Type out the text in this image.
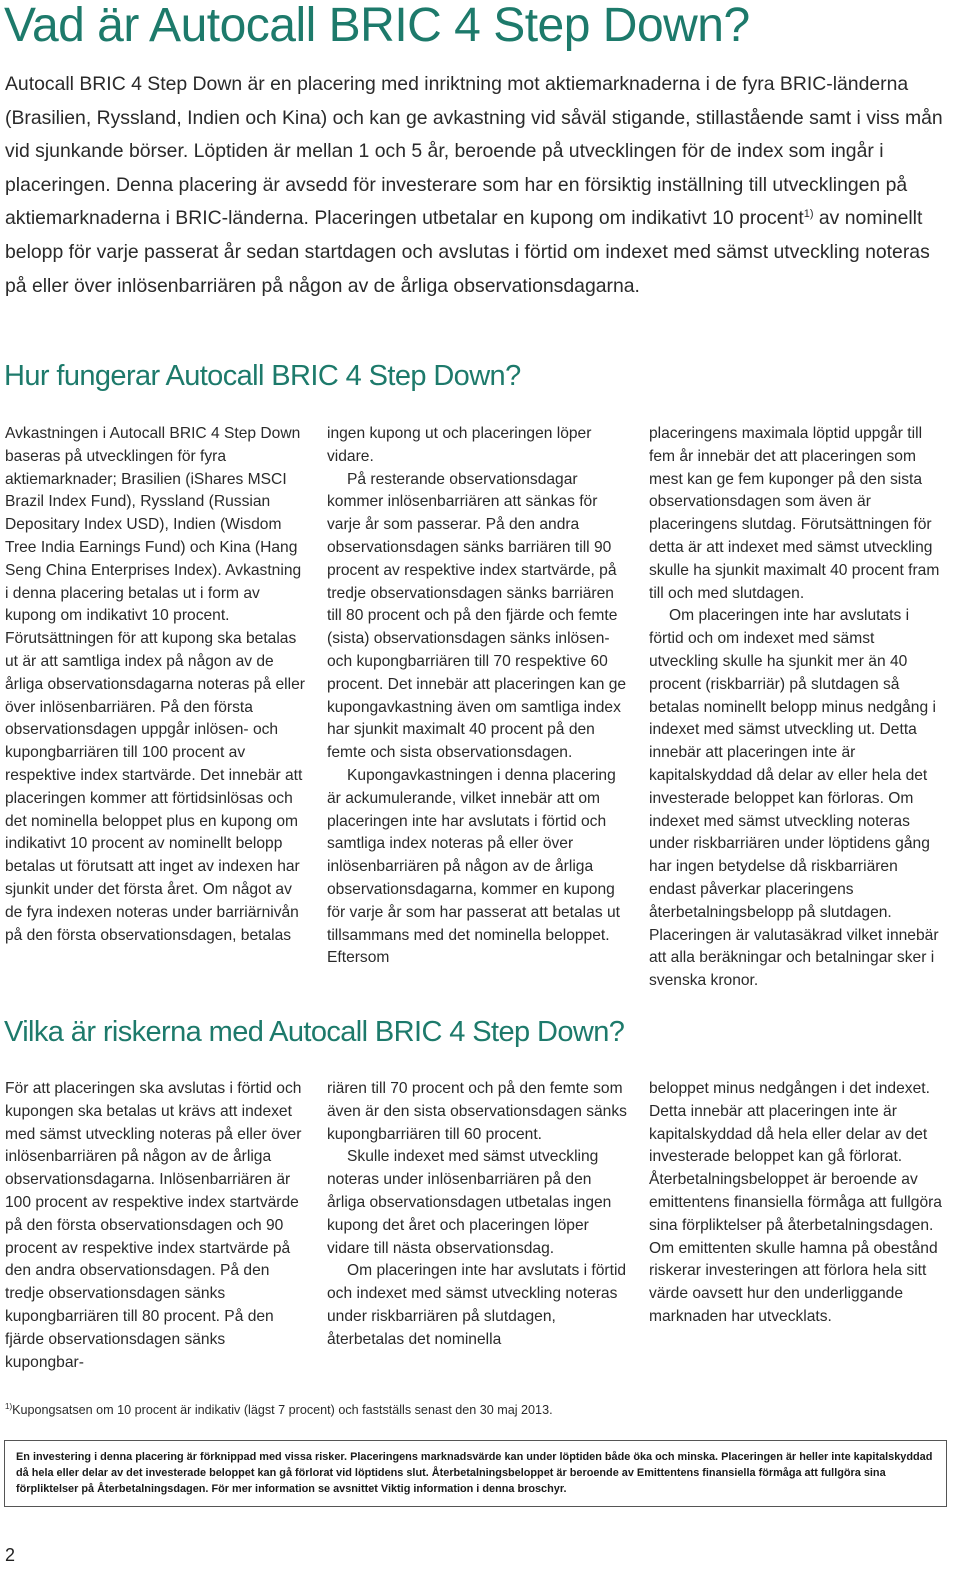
Vad är Autocall BRIC 4 Step Down?

Autocall BRIC 4 Step Down är en placering med inriktning mot aktiemarknaderna i de fyra BRIC-länderna (Brasilien, Ryssland, Indien och Kina) och kan ge avkastning vid såväl stigande, stillastående samt i viss mån vid sjunkande börser. Löptiden är mellan 1 och 5 år, beroende på utvecklingen för de index som ingår i placeringen. Denna placering är avsedd för investerare som har en försiktig inställning till utvecklingen på aktiemarknaderna i BRIC-länderna. Placeringen utbetalar en kupong om indikativt 10 procent$^{1)}$ av nominellt belopp för varje passerat år sedan startdagen och avslutas i förtid om indexet med sämst utveckling noteras på eller över inlösenbarriären på någon av de årliga observationsdagarna.

Hur fungerar Autocall BRIC 4 Step Down?

Avkastningen i Autocall BRIC 4 Step Down baseras på utvecklingen för fyra aktiemarknader; Brasilien (iShares MSCI Brazil Index Fund), Ryssland (Russian Depositary Index USD), Indien (Wisdom Tree India Earnings Fund) och Kina (Hang Seng China Enterprises Index). Avkastning i denna placering betalas ut i form av kupong om indikativt 10 procent. Förutsättningen för att kupong ska betalas ut är att samtliga index på någon av de årliga observationsdagarna noteras på eller över inlösenbarriären. På den första observationsdagen uppgår inlösen- och kupongbarriären till 100 procent av respektive index startvärde. Det innebär att placeringen kommer att förtidsinlösas och det nominella beloppet plus en kupong om indikativt 10 procent av nominellt belopp betalas ut förutsatt att inget av indexen har sjunkit under det första året. Om något av de fyra indexen noteras under barriärnivån på den första observationsdagen, betalas

ingen kupong ut och placeringen löper vidare.

På resterande observationsdagar kommer inlösenbarriären att sänkas för varje år som passerar. På den andra observationsdagen sänks barriären till 90 procent av respektive index startvärde, på tredje observationsdagen sänks barriären till 80 procent och på den fjärde och femte (sista) observationsdagen sänks inlösen- och kupongbarriären till 70 respektive 60 procent. Det innebär att placeringen kan ge kupongavkastning även om samtliga index har sjunkit maximalt 40 procent på den femte och sista observationsdagen.

Kupongavkastningen i denna placering är ackumulerande, vilket innebär att om placeringen inte har avslutats i förtid och samtliga index noteras på eller över inlösenbarriären på någon av de årliga observationsdagarna, kommer en kupong för varje år som har passerat att betalas ut tillsammans med det nominella beloppet. Eftersom

placeringens maximala löptid uppgår till fem år innebär det att placeringen som mest kan ge fem kuponger på den sista observationsdagen som även är placeringens slutdag. Förutsättningen för detta är att indexet med sämst utveckling skulle ha sjunkit maximalt 40 procent fram till och med slutdagen.

Om placeringen inte har avslutats i förtid och om indexet med sämst utveckling skulle ha sjunkit mer än 40 procent (riskbarriär) på slutdagen så betalas nominellt belopp minus nedgång i indexet med sämst utveckling ut. Detta innebär att placeringen inte är kapitalskyddad då delar av eller hela det investerade beloppet kan förloras. Om indexet med sämst utveckling noteras under riskbarriären under löptidens gång har ingen betydelse då riskbarriären endast påverkar placeringens återbetalningsbelopp på slutdagen. Placeringen är valutasäkrad vilket innebär att alla beräkningar och betalningar sker i svenska kronor.

Vilka är riskerna med Autocall BRIC 4 Step Down?

För att placeringen ska avslutas i förtid och kupongen ska betalas ut krävs att indexet med sämst utveckling noteras på eller över inlösenbarriären på någon av de årliga observationsdagarna. Inlösenbarriären är 100 procent av respektive index startvärde på den första observationsdagen och 90 procent av respektive index startvärde på den andra observationsdagen. På den tredje observationsdagen sänks kupongbarriären till 80 procent. På den fjärde observationsdagen sänks kupongbar-

riären till 70 procent och på den femte som även är den sista observationsdagen sänks kupongbarriären till 60 procent.

Skulle indexet med sämst utveckling noteras under inlösenbarriären på den årliga observationsdagen utbetalas ingen kupong det året och placeringen löper vidare till nästa observationsdag.

Om placeringen inte har avslutats i förtid och indexet med sämst utveckling noteras under riskbarriären på slutdagen, återbetalas det nominella

beloppet minus nedgången i det indexet. Detta innebär att placeringen inte är kapitalskyddad då hela eller delar av det investerade beloppet kan gå förlorat. Återbetalningsbeloppet är beroende av emittentens finansiella förmåga att fullgöra sina förpliktelser på återbetalningsdagen. Om emittenten skulle hamna på obestånd riskerar investeringen att förlora hela sitt värde oavsett hur den underliggande marknaden har utvecklats.

$^{1)}$Kupongsatsen om 10 procent är indikativ (lägst 7 procent) och fastställs senast den 30 maj 2013.

En investering i denna placering är förknippad med vissa risker. Placeringens marknadsvärde kan under löptiden både öka och minska. Placeringen är heller inte kapitalskyddad då hela eller delar av det investerade beloppet kan gå förlorat vid löptidens slut. Återbetalningsbeloppet är beroende av Emittentens finansiella förmåga att fullgöra sina förpliktelser på Återbetalningsdagen. För mer information se avsnittet Viktig information i denna broschyr.

2
